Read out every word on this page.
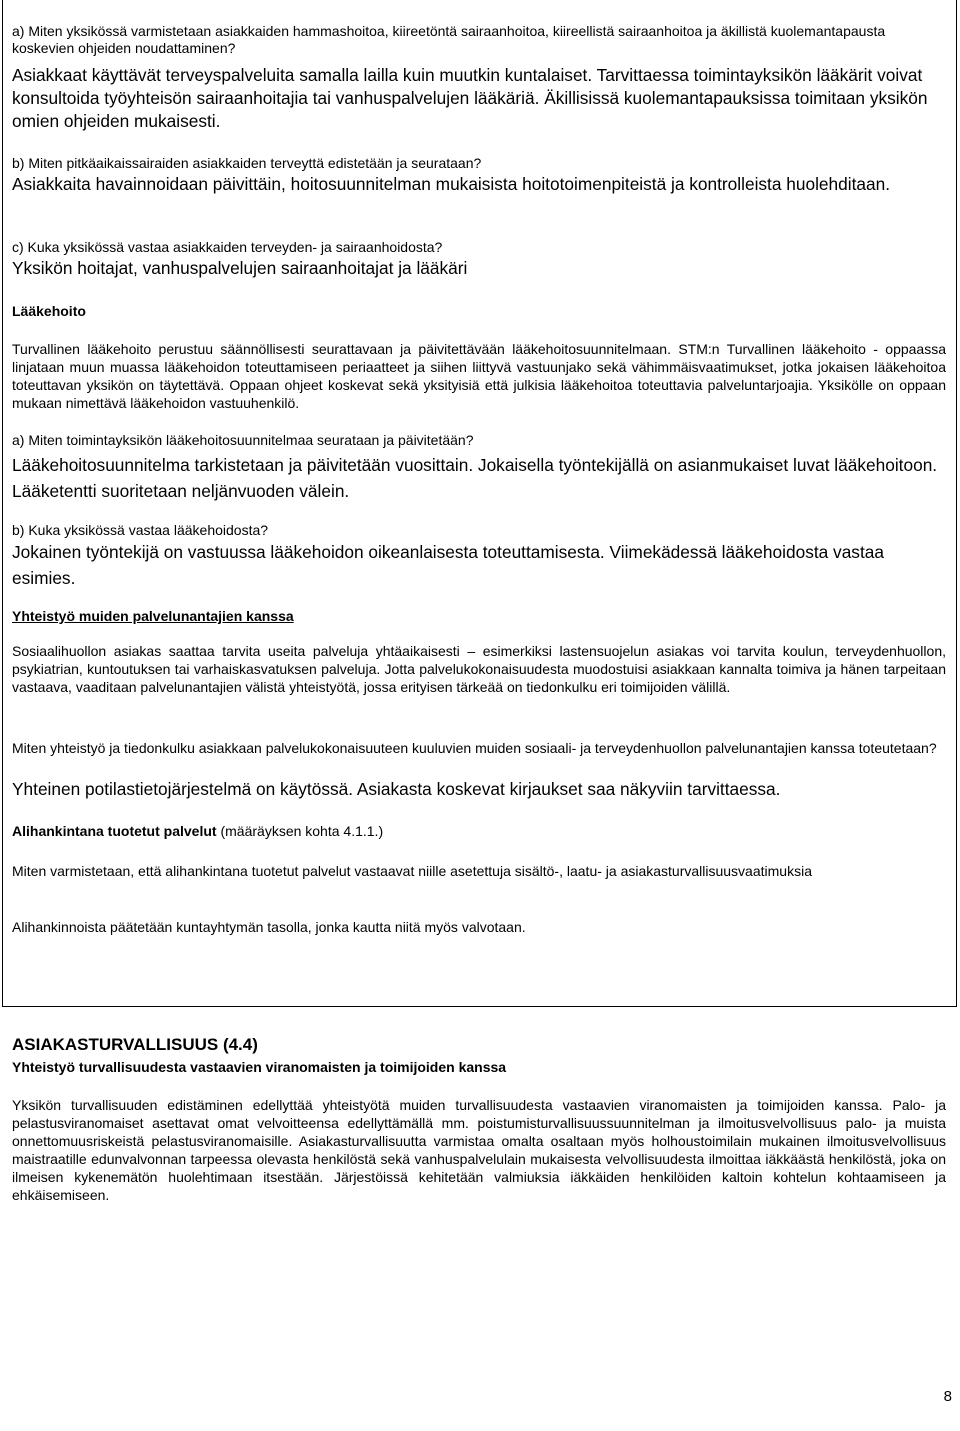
a) Miten yksikössä varmistetaan asiakkaiden hammashoitoa, kiireetöntä sairaanhoitoa, kiireellistä sairaanhoitoa ja äkillistä kuolemantapausta koskevien ohjeiden noudattaminen?

Asiakkaat käyttävät terveyspalveluita samalla lailla kuin muutkin kuntalaiset. Tarvittaessa toimintayksikön lääkärit voivat konsultoida työyhteisön sairaanhoitajia tai vanhuspalvelujen lääkäriä. Äkillisissä kuolemantapauksissa toimitaan yksikön omien ohjeiden mukaisesti.

b) Miten pitkäaikaissairaiden asiakkaiden terveyttä edistetään ja seurataan?

Asiakkaita havainnoidaan päivittäin, hoitosuunnitelman mukaisista hoitotoimenpiteistä ja kontrolleista huolehditaan.

c) Kuka yksikössä vastaa asiakkaiden terveyden- ja sairaanhoidosta?

Yksikön hoitajat, vanhuspalvelujen sairaanhoitajat ja lääkäri

Lääkehoito

Turvallinen lääkehoito perustuu säännöllisesti seurattavaan ja päivitettävään lääkehoitosuunnitelmaan. STM:n Turvallinen lääkehoito - oppaassa linjataan muun muassa lääkehoidon toteuttamiseen periaatteet ja siihen liittyvä vastuunjako sekä vähimmäisvaatimukset, jotka jokaisen lääkehoitoa toteuttavan yksikön on täytettävä. Oppaan ohjeet koskevat sekä yksityisiä että julkisia lääkehoitoa toteuttavia palveluntarjoajia. Yksikölle on oppaan mukaan nimettävä lääkehoidon vastuuhenkilö.

a) Miten toimintayksikön lääkehoitosuunnitelmaa seurataan ja päivitetään?

Lääkehoitosuunnitelma tarkistetaan ja päivitetään vuosittain. Jokaisella työntekijällä on asianmukaiset luvat lääkehoitoon. Lääketentti suoritetaan neljänvuoden välein.

b) Kuka yksikössä vastaa lääkehoidosta?

Jokainen työntekijä on vastuussa lääkehoidon oikeanlaisesta toteuttamisesta. Viimekädessä lääkehoidosta vastaa esimies.

Yhteistyö muiden palvelunantajien kanssa

Sosiaalihuollon asiakas saattaa tarvita useita palveluja yhtäaikaisesti – esimerkiksi lastensuojelun asiakas voi tarvita koulun, terveydenhuollon, psykiatrian, kuntoutuksen tai varhaiskasvatuksen palveluja. Jotta palvelukokonaisuudesta muodostuisi asiakkaan kannalta toimiva ja hänen tarpeitaan vastaava, vaaditaan palvelunantajien välistä yhteistyötä, jossa erityisen tärkeää on tiedonkulku eri toimijoiden välillä.

Miten yhteistyö ja tiedonkulku asiakkaan palvelukokonaisuuteen kuuluvien muiden sosiaali- ja terveydenhuollon palvelunantajien kanssa toteutetaan?

Yhteinen potilastietojärjestelmä on käytössä. Asiakasta koskevat kirjaukset saa näkyviin tarvittaessa.

Alihankintana tuotetut palvelut (määräyksen kohta 4.1.1.)

Miten varmistetaan, että alihankintana tuotetut palvelut vastaavat niille asetettuja sisältö-, laatu- ja asiakasturvallisuusvaatimuksia

Alihankinnoista päätetään kuntayhtymän tasolla, jonka kautta niitä myös valvotaan.

ASIAKASTURVALLISUUS (4.4)

Yhteistyö turvallisuudesta vastaavien viranomaisten ja toimijoiden kanssa

Yksikön turvallisuuden edistäminen edellyttää yhteistyötä muiden turvallisuudesta vastaavien viranomaisten ja toimijoiden kanssa. Palo- ja pelastusviranomaiset asettavat omat velvoitteensa edellyttämällä mm. poistumisturvallisuussuunnitelman ja ilmoitusvelvollisuus palo- ja muista onnettomuusriskeistä pelastusviranomaisille. Asiakasturvallisuutta varmistaa omalta osaltaan myös holhoustoimilain mukainen ilmoitusvelvollisuus maistraatille edunvalvonnan tarpeessa olevasta henkilöstä sekä vanhuspalvelulain mukaisesta velvollisuudesta ilmoittaa iäkkäästä henkilöstä, joka on ilmeisen kykenemätön huolehtimaan itsestään. Järjestöissä kehitetään valmiuksia iäkkäiden henkilöiden kaltoin kohtelun kohtaamiseen ja ehkäisemiseen.

8
